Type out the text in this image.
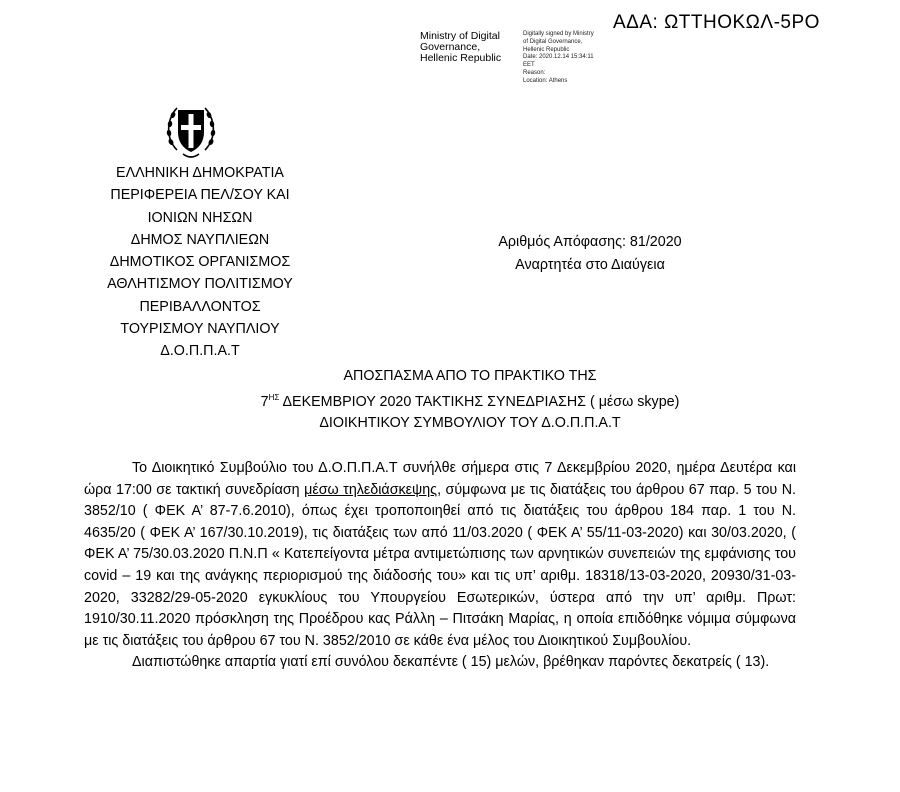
ΑΔΑ: ΩΤΤΗΟΚΩΛ-5ΡΟ
Ministry of Digital
Governance,
Hellenic Republic
Digitally signed by Ministry
of Digital Governance,
Hellenic Republic
Date: 2020.12.14 15:34:11
EET
Reason:
Location: Athens
ΕΛΛΗΝΙΚΗ ΔΗΜΟΚΡΑΤΙΑ
ΠΕΡΙΦΕΡΕΙΑ ΠΕΛ/ΣΟΥ ΚΑΙ
ΙΟΝΙΩΝ ΝΗΣΩΝ
ΔΗΜΟΣ ΝΑΥΠΛΙΕΩΝ
ΔΗΜΟΤΙΚΟΣ ΟΡΓΑΝΙΣΜΟΣ
ΑΘΛΗΤΙΣΜΟΥ ΠΟΛΙΤΙΣΜΟΥ
ΠΕΡΙΒΑΛΛΟΝΤΟΣ
ΤΟΥΡΙΣΜΟΥ ΝΑΥΠΛΙΟΥ
Δ.Ο.Π.Π.Α.Τ
Αριθμός Απόφασης: 81/2020
Αναρτητέα στο Διαύγεια
ΑΠΟΣΠΑΣΜΑ ΑΠΟ ΤΟ ΠΡΑΚΤΙΚΟ ΤΗΣ
$7^{H\Sigma}$ ΔΕΚΕΜΒΡΙΟΥ 2020 ΤΑΚΤΙΚΗΣ ΣΥΝΕΔΡΙΑΣΗΣ ( μέσω skype)
ΔΙΟΙΚΗΤΙΚΟΥ ΣΥΜΒΟΥΛΙΟΥ ΤΟΥ Δ.Ο.Π.Π.Α.Τ

Το Διοικητικό Συμβούλιο του Δ.Ο.Π.Π.Α.Τ συνήλθε σήμερα στις 7 Δεκεμβρίου 2020, ημέρα Δευτέρα και ώρα 17:00 σε τακτική συνεδρίαση μέσω τηλεδιάσκεψης, σύμφωνα με τις διατάξεις του άρθρου 67 παρ. 5 του Ν. 3852/10 ( ΦΕΚ Α’ 87-7.6.2010), όπως έχει τροποποιηθεί από τις διατάξεις του άρθρου 184 παρ. 1 του Ν. 4635/20 ( ΦΕΚ Α’ 167/30.10.2019), τις διατάξεις των από 11/03.2020 ( ΦΕΚ Α’ 55/11-03-2020) και 30/03.2020, ( ΦΕΚ Α’ 75/30.03.2020 Π.Ν.Π « Κατεπείγοντα μέτρα αντιμετώπισης των αρνητικών συνεπειών της εμφάνισης του covid – 19 και της ανάγκης περιορισμού της διάδοσής του» και τις υπ’ αριθμ. 18318/13-03-2020, 20930/31-03-2020, 33282/29-05-2020 εγκυκλίους του Υπουργείου Εσωτερικών, ύστερα από την υπ’ αριθμ. Πρωτ: 1910/30.11.2020 πρόσκληση της Προέδρου κας Ράλλη – Πιτσάκη Μαρίας, η οποία επιδόθηκε νόμιμα σύμφωνα με τις διατάξεις του άρθρου 67 του Ν. 3852/2010 σε κάθε ένα μέλος του Διοικητικού Συμβουλίου.

Διαπιστώθηκε απαρτία γιατί επί συνόλου δεκαπέντε ( 15) μελών, βρέθηκαν παρόντες δεκατρείς ( 13).
